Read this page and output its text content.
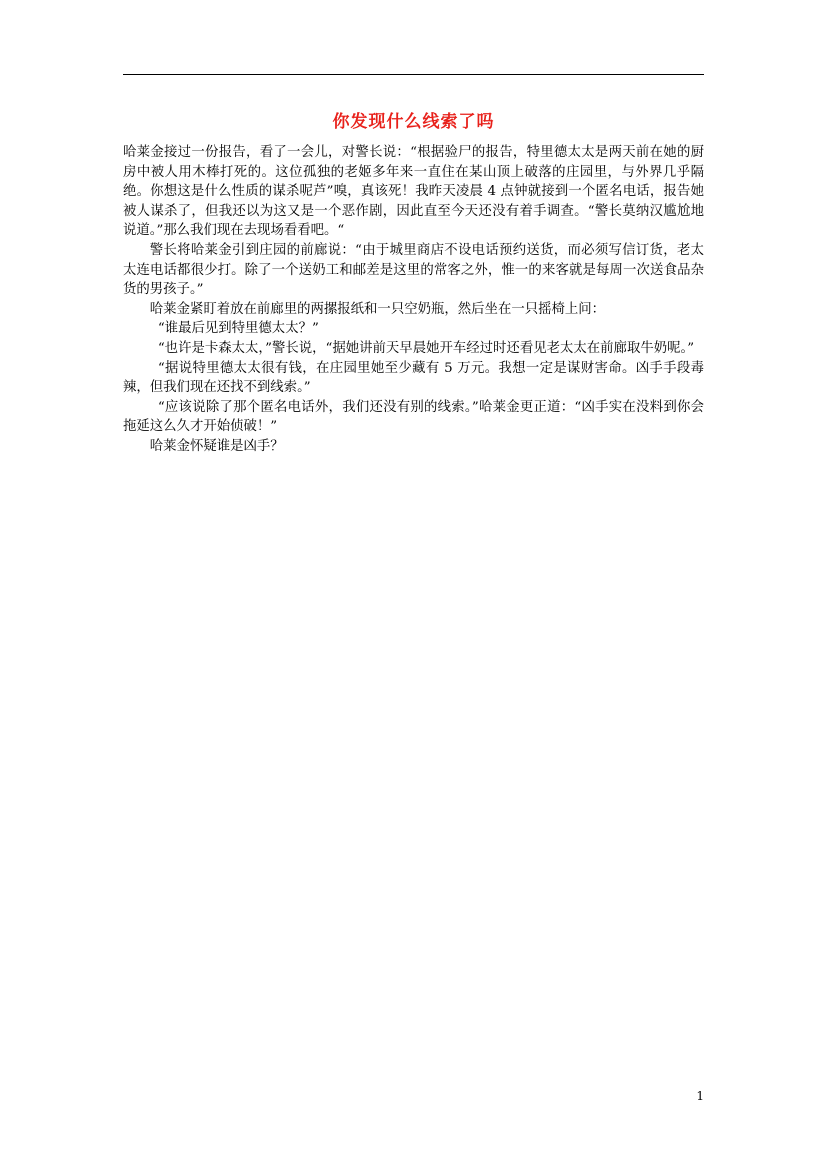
你发现什么线索了吗

哈莱金接过一份报告，看了一会儿，对警长说：“根据验尸的报告，特里德太太是两天前在她的厨房中被人用木棒打死的。这位孤独的老姬多年来一直住在某山顶上破落的庄园里，与外界几乎隔绝。你想这是什么性质的谋杀呢芦”嗅，真该死！我昨天凌晨 4 点钟就接到一个匿名电话，报告她被人谋杀了，但我还以为这又是一个恶作剧，因此直至今天还没有着手调查。“警长莫纳汉尴尬地说道。”那么我们现在去现场看看吧。“

警长将哈莱金引到庄园的前廊说：“由于城里商店不设电话预约送货，而必须写信订货，老太太连电话都很少打。除了一个送奶工和邮差是这里的常客之外，惟一的来客就是每周一次送食品杂货的男孩子。”

哈莱金紧盯着放在前廊里的两摞报纸和一只空奶瓶，然后坐在一只摇椅上问：

“谁最后见到特里德太太？”

“也许是卡森太太，”警长说，“据她讲前天早晨她开车经过时还看见老太太在前廊取牛奶呢。”

“据说特里德太太很有钱，在庄园里她至少藏有 5 万元。我想一定是谋财害命。凶手手段毒辣，但我们现在还找不到线索。”

“应该说除了那个匿名电话外，我们还没有别的线索。”哈莱金更正道：“凶手实在没料到你会拖延这么久才开始侦破！”

哈莱金怀疑谁是凶手？

1
